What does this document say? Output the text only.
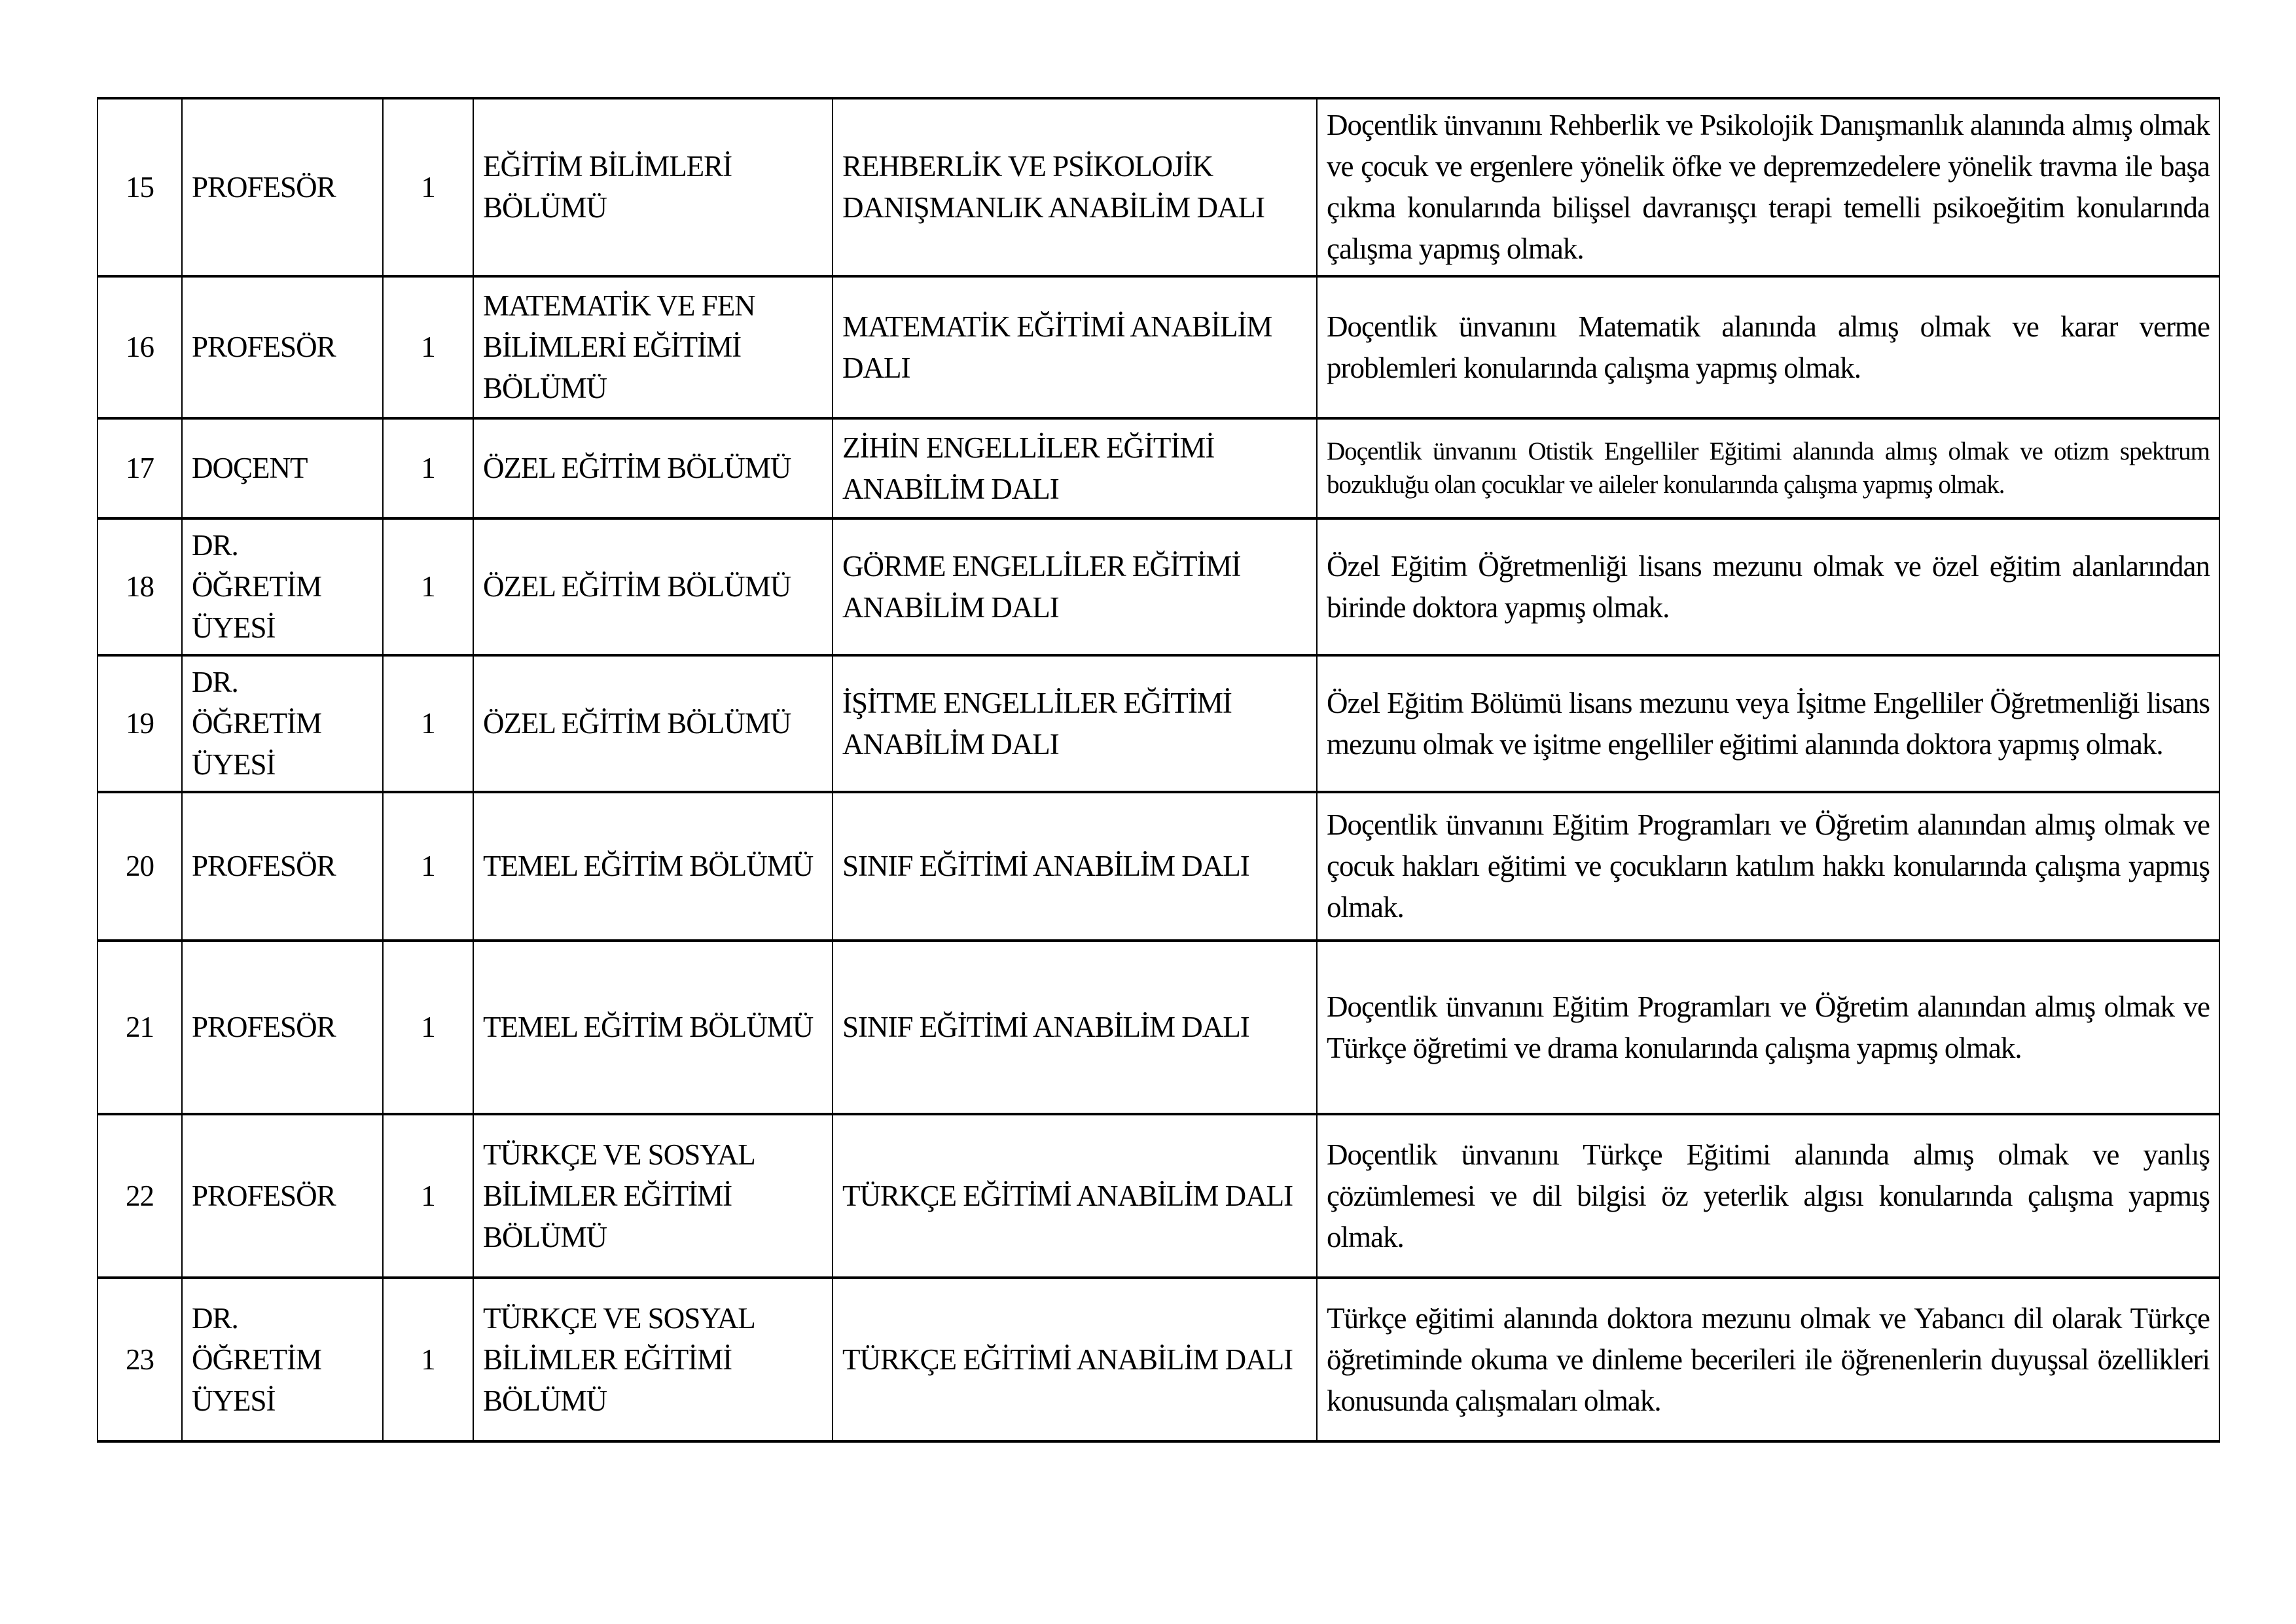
15	PROFESÖR	1	EĞİTİM BİLİMLERİ BÖLÜMÜ	REHBERLİK VE PSİKOLOJİK DANIŞMANLIK ANABİLİM DALI	Doçentlik ünvanını Rehberlik ve Psikolojik Danışmanlık alanında almış olmak ve çocuk ve ergenlere yönelik öfke ve depremzedelere yönelik travma ile başa çıkma konularında bilişsel davranışçı terapi temelli psikoeğitim konularında çalışma yapmış olmak.
16	PROFESÖR	1	MATEMATİK VE FEN BİLİMLERİ EĞİTİMİ BÖLÜMÜ	MATEMATİK EĞİTİMİ ANABİLİM DALI	Doçentlik ünvanını Matematik alanında almış olmak ve karar verme problemleri konularında çalışma yapmış olmak.
17	DOÇENT	1	ÖZEL EĞİTİM BÖLÜMÜ	ZİHİN ENGELLİLER EĞİTİMİ ANABİLİM DALI	Doçentlik ünvanını Otistik Engelliler Eğitimi alanında almış olmak ve otizm spektrum bozukluğu olan çocuklar ve aileler konularında çalışma yapmış olmak.
18	DR. ÖĞRETİM ÜYESİ	1	ÖZEL EĞİTİM BÖLÜMÜ	GÖRME ENGELLİLER EĞİTİMİ ANABİLİM DALI	Özel Eğitim Öğretmenliği lisans mezunu olmak ve özel eğitim alanlarından birinde doktora yapmış olmak.
19	DR. ÖĞRETİM ÜYESİ	1	ÖZEL EĞİTİM BÖLÜMÜ	İŞİTME ENGELLİLER EĞİTİMİ ANABİLİM DALI	Özel Eğitim Bölümü lisans mezunu veya İşitme Engelliler Öğretmenliği lisans mezunu olmak ve işitme engelliler eğitimi alanında doktora yapmış olmak.
20	PROFESÖR	1	TEMEL EĞİTİM BÖLÜMÜ	SINIF EĞİTİMİ ANABİLİM DALI	Doçentlik ünvanını Eğitim Programları ve Öğretim alanından almış olmak ve çocuk hakları eğitimi ve çocukların katılım hakkı konularında çalışma yapmış olmak.
21	PROFESÖR	1	TEMEL EĞİTİM BÖLÜMÜ	SINIF EĞİTİMİ ANABİLİM DALI	Doçentlik ünvanını Eğitim Programları ve Öğretim alanından almış olmak ve Türkçe öğretimi ve drama konularında çalışma yapmış olmak.
22	PROFESÖR	1	TÜRKÇE VE SOSYAL BİLİMLER EĞİTİMİ BÖLÜMÜ	TÜRKÇE EĞİTİMİ ANABİLİM DALI	Doçentlik ünvanını Türkçe Eğitimi alanında almış olmak ve yanlış çözümlemesi ve dil bilgisi öz yeterlik algısı konularında çalışma yapmış olmak.
23	DR. ÖĞRETİM ÜYESİ	1	TÜRKÇE VE SOSYAL BİLİMLER EĞİTİMİ BÖLÜMÜ	TÜRKÇE EĞİTİMİ ANABİLİM DALI	Türkçe eğitimi alanında doktora mezunu olmak ve Yabancı dil olarak Türkçe öğretiminde okuma ve dinleme becerileri ile öğrenenlerin duyuşsal özellikleri konusunda çalışmaları olmak.
